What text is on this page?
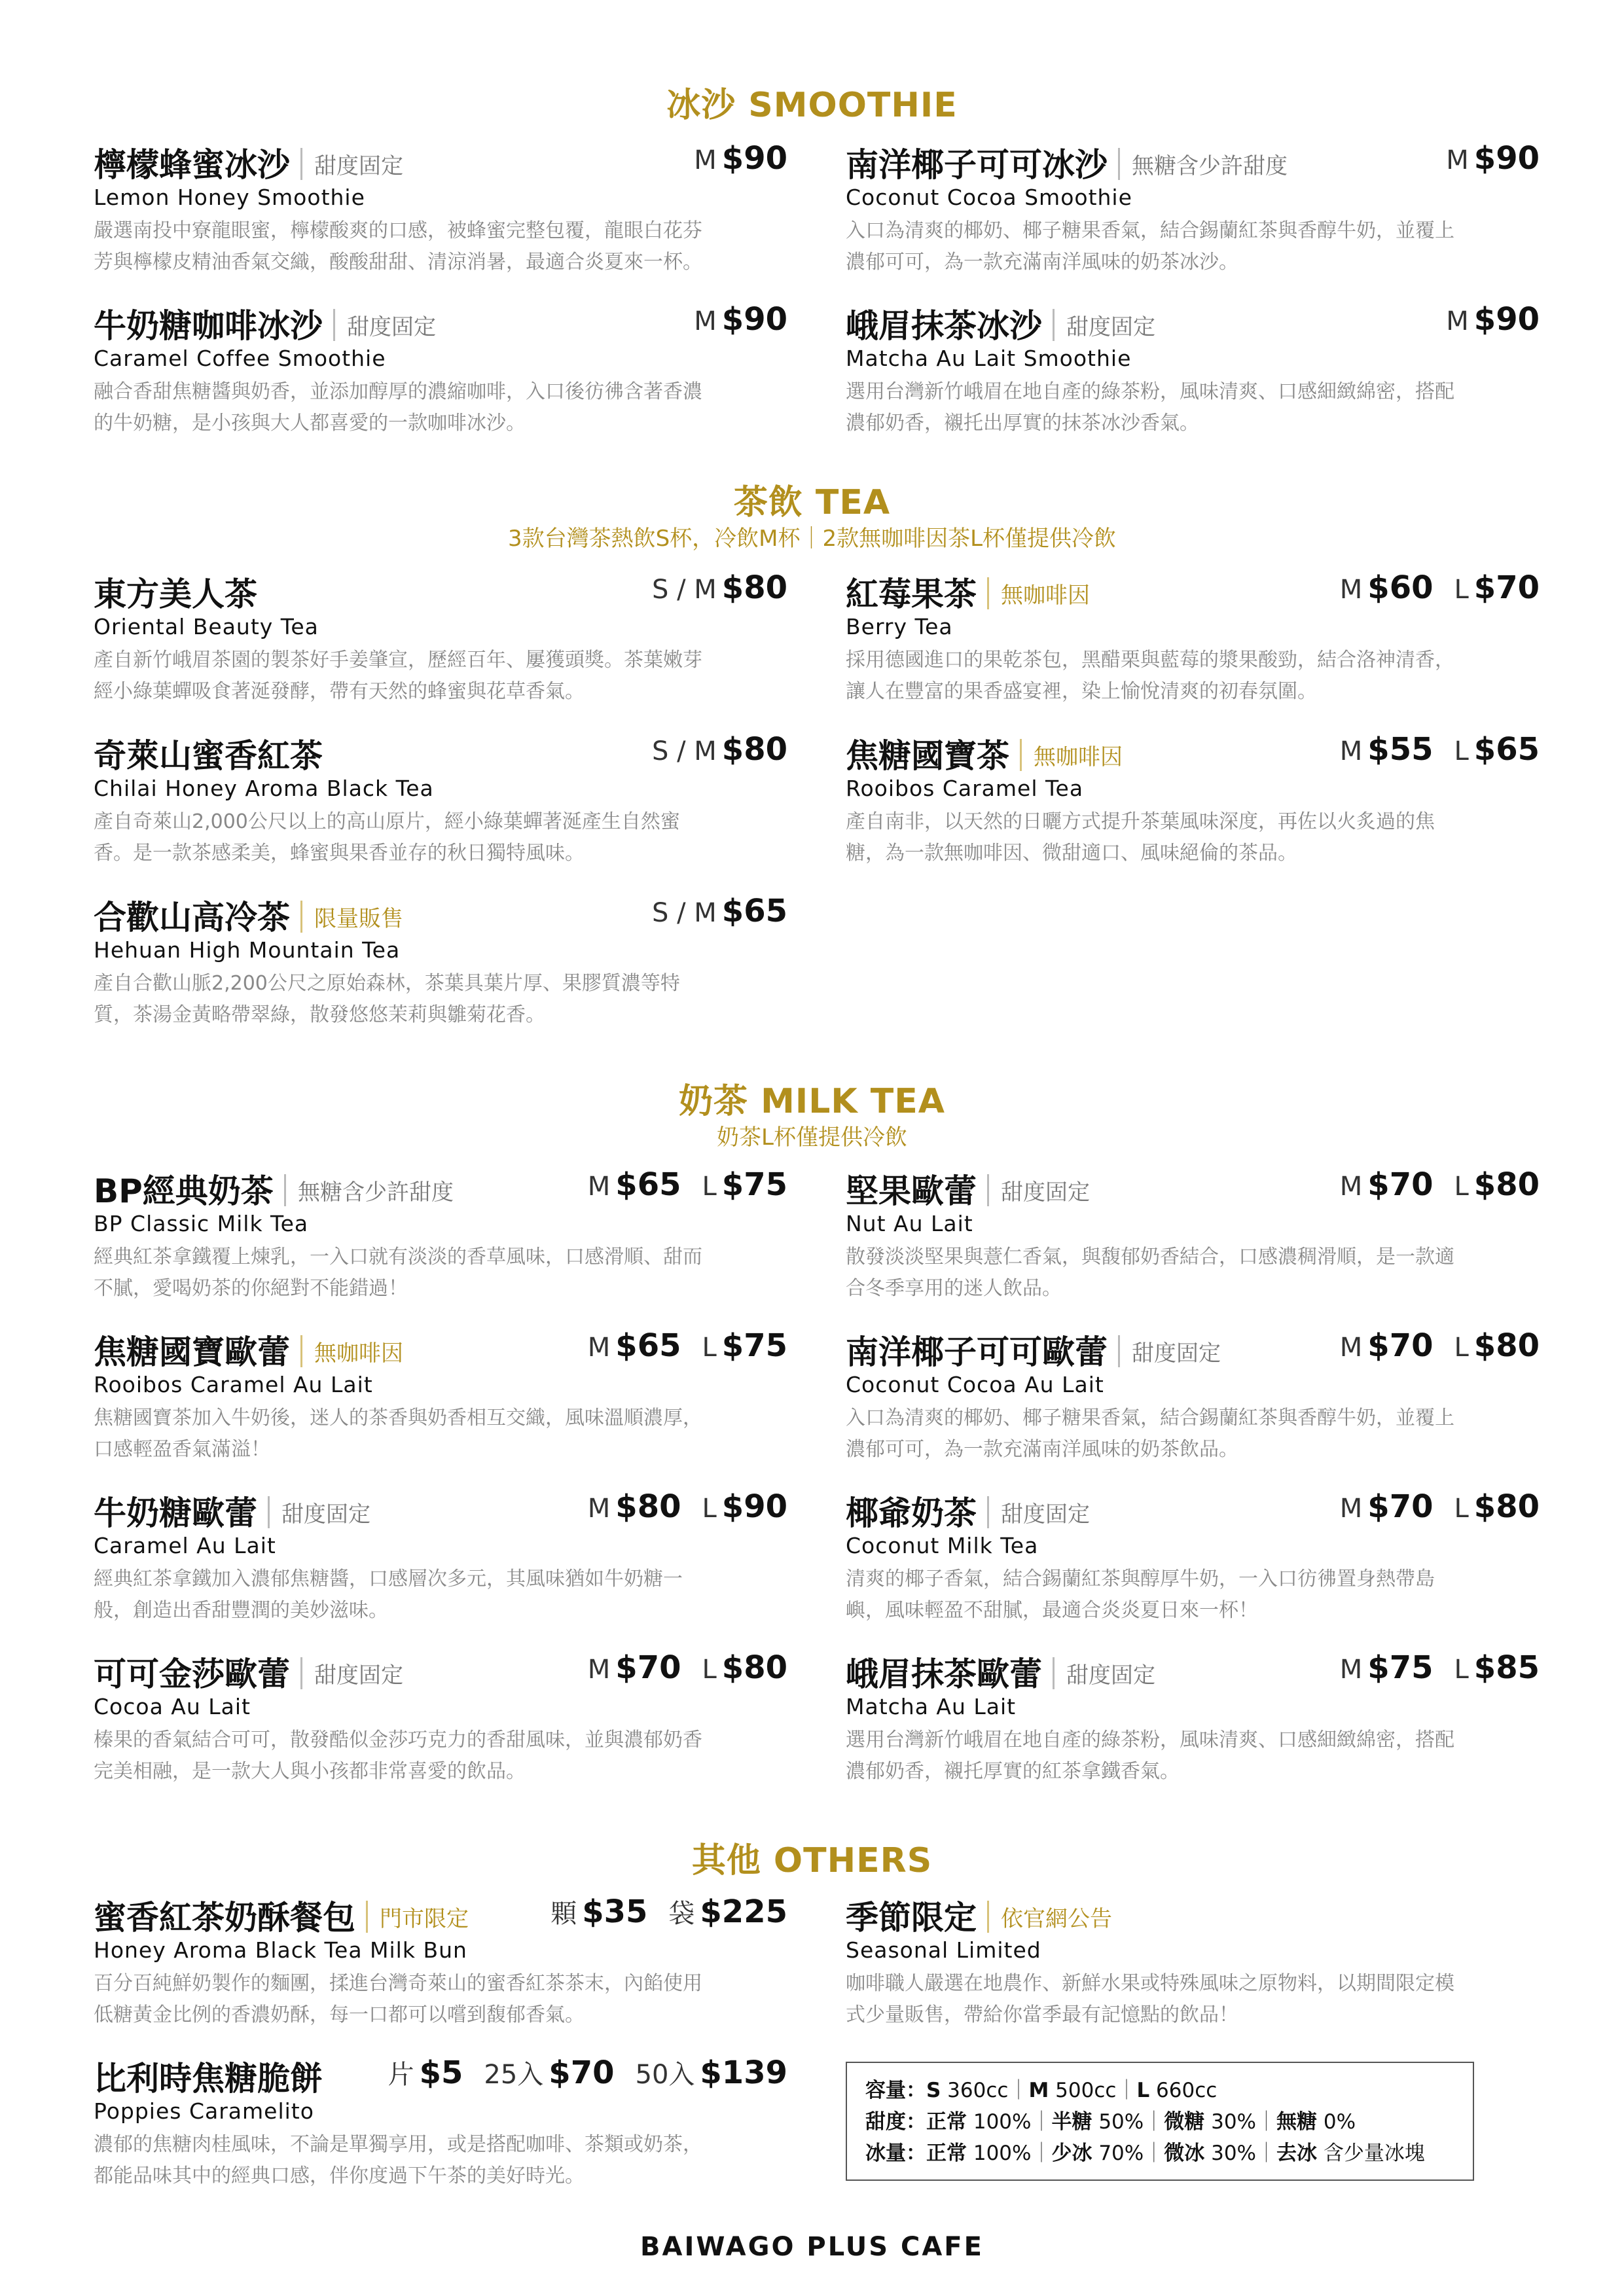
冰沙 SMOOTHIE
茶飲 TEA
3款台灣茶熱飲S杯，冷飲M杯｜2款無咖啡因茶L杯僅提供冷飲
奶茶 MILK TEA
奶茶L杯僅提供冷飲
其他 OTHERS
檸檬蜂蜜冰沙	甜度固定	M $90
Lemon Honey Smoothie
嚴選南投中寮龍眼蜜，檸檬酸爽的口感，被蜂蜜完整包覆，龍眼白花芬
芳與檸檬皮精油香氣交織，酸酸甜甜、清涼消暑，最適合炎夏來一杯。
南洋椰子可可冰沙	無糖含少許甜度	M $90
Coconut Cocoa Smoothie
入口為清爽的椰奶、椰子糖果香氣，結合錫蘭紅茶與香醇牛奶，並覆上
濃郁可可，為一款充滿南洋風味的奶茶冰沙。
牛奶糖咖啡冰沙	甜度固定	M $90
Caramel Coffee Smoothie
融合香甜焦糖醬與奶香，並添加醇厚的濃縮咖啡，入口後彷彿含著香濃
的牛奶糖，是小孩與大人都喜愛的一款咖啡冰沙。
峨眉抹茶冰沙	甜度固定	M $90
Matcha Au Lait Smoothie
選用台灣新竹峨眉在地自產的綠茶粉，風味清爽、口感細緻綿密，搭配
濃郁奶香，襯托出厚實的抹茶冰沙香氣。
東方美人茶	S / M $80
Oriental Beauty Tea
產自新竹峨眉茶園的製茶好手姜肇宣，歷經百年、屢獲頭獎。茶葉嫩芽
經小綠葉蟬吸食著涎發酵，帶有天然的蜂蜜與花草香氣。
紅莓果茶	無咖啡因	M $60 L $70
Berry Tea
採用德國進口的果乾茶包，黑醋栗與藍莓的漿果酸勁，結合洛神清香，
讓人在豐富的果香盛宴裡，染上愉悅清爽的初春氛圍。
奇萊山蜜香紅茶	S / M $80
Chilai Honey Aroma Black Tea
產自奇萊山2,000公尺以上的高山原片，經小綠葉蟬著涎產生自然蜜
香。是一款茶感柔美，蜂蜜與果香並存的秋日獨特風味。
焦糖國寶茶	無咖啡因	M $55 L $65
Rooibos Caramel Tea
產自南非，以天然的日曬方式提升茶葉風味深度，再佐以火炙過的焦
糖，為一款無咖啡因、微甜適口、風味絕倫的茶品。
合歡山高冷茶	限量販售	S / M $65
Hehuan High Mountain Tea
產自合歡山脈2,200公尺之原始森林，茶葉具葉片厚、果膠質濃等特
質，茶湯金黃略帶翠綠，散發悠悠茉莉與雛菊花香。
BP經典奶茶	無糖含少許甜度	M $65 L $75
BP Classic Milk Tea
經典紅茶拿鐵覆上煉乳，一入口就有淡淡的香草風味，口感滑順、甜而
不膩，愛喝奶茶的你絕對不能錯過！
堅果歐蕾	甜度固定	M $70 L $80
Nut Au Lait
散發淡淡堅果與薏仁香氣，與馥郁奶香結合，口感濃稠滑順，是一款適
合冬季享用的迷人飲品。
焦糖國寶歐蕾	無咖啡因	M $65 L $75
Rooibos Caramel Au Lait
焦糖國寶茶加入牛奶後，迷人的茶香與奶香相互交織，風味溫順濃厚，
口感輕盈香氣滿溢！
南洋椰子可可歐蕾	甜度固定	M $70 L $80
Coconut Cocoa Au Lait
入口為清爽的椰奶、椰子糖果香氣，結合錫蘭紅茶與香醇牛奶，並覆上
濃郁可可，為一款充滿南洋風味的奶茶飲品。
牛奶糖歐蕾	甜度固定	M $80 L $90
Caramel Au Lait
經典紅茶拿鐵加入濃郁焦糖醬，口感層次多元，其風味猶如牛奶糖一
般，創造出香甜豐潤的美妙滋味。
椰爺奶茶	甜度固定	M $70 L $80
Coconut Milk Tea
清爽的椰子香氣，結合錫蘭紅茶與醇厚牛奶，一入口彷彿置身熱帶島
嶼，風味輕盈不甜膩，最適合炎炎夏日來一杯！
可可金莎歐蕾	甜度固定	M $70 L $80
Cocoa Au Lait
榛果的香氣結合可可，散發酷似金莎巧克力的香甜風味，並與濃郁奶香
完美相融，是一款大人與小孩都非常喜愛的飲品。
峨眉抹茶歐蕾	甜度固定	M $75 L $85
Matcha Au Lait
選用台灣新竹峨眉在地自產的綠茶粉，風味清爽、口感細緻綿密，搭配
濃郁奶香，襯托厚實的紅茶拿鐵香氣。
蜜香紅茶奶酥餐包	門市限定	顆 $35 袋 $225
Honey Aroma Black Tea Milk Bun
百分百純鮮奶製作的麵團，揉進台灣奇萊山的蜜香紅茶茶末，內餡使用
低糖黃金比例的香濃奶酥，每一口都可以嚐到馥郁香氣。
季節限定	依官網公告
Seasonal Limited
咖啡職人嚴選在地農作、新鮮水果或特殊風味之原物料，以期間限定模
式少量販售，帶給你當季最有記憶點的飲品！
比利時焦糖脆餅 片 $5 25入 $70 50入 $139
Poppies Caramelito
濃郁的焦糖肉桂風味，不論是單獨享用，或是搭配咖啡、茶類或奶茶，
都能品味其中的經典口感，伴你度過下午茶的美好時光。
容量：S 360cc｜M 500cc｜L 660cc
甜度：正常 100%｜半糖 50%｜微糖 30%｜無糖 0%
冰量：正常 100%｜少冰 70%｜微冰 30%｜去冰 含少量冰塊
BAIWAGO PLUS CAFE
